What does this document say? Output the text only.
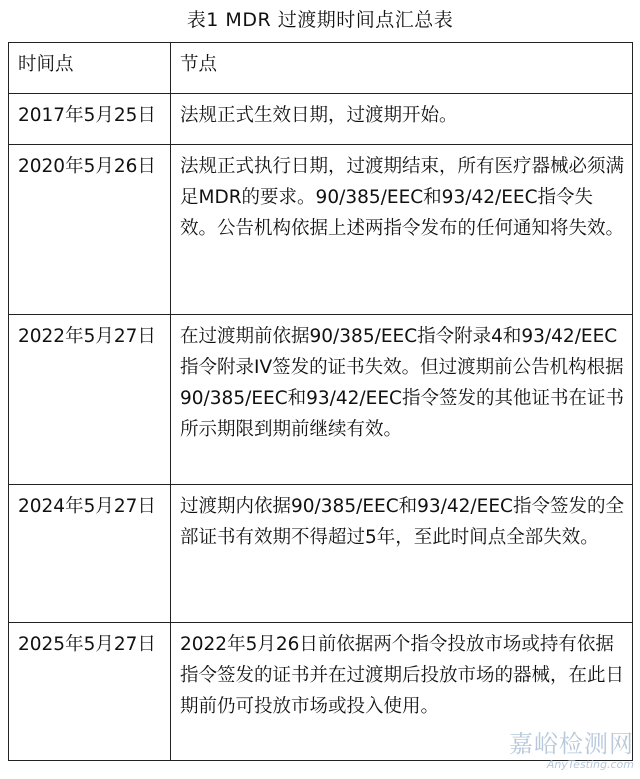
表1 MDR 过渡期时间点汇总表
时间点	节点
2017年5月25日	法规正式生效日期，过渡期开始。
2020年5月26日	法规正式执行日期，过渡期结束，所有医疗器械必须满足MDR的要求。90/385/EEC和93/42/EEC指令失效。公告机构依据上述两指令发布的任何通知将失效。
2022年5月27日	在过渡期前依据90/385/EEC指令附录4和93/42/EEC指令附录IV签发的证书失效。但过渡期前公告机构根据90/385/EEC和93/42/EEC指令签发的其他证书在证书所示期限到期前继续有效。
2024年5月27日	过渡期内依据90/385/EEC和93/42/EEC指令签发的全部证书有效期不得超过5年，至此时间点全部失效。
2025年5月27日	2022年5月26日前依据两个指令投放市场或持有依据指令签发的证书并在过渡期后投放市场的器械，在此日期前仍可投放市场或投入使用。
嘉峪检测网
AnyTesting.com
